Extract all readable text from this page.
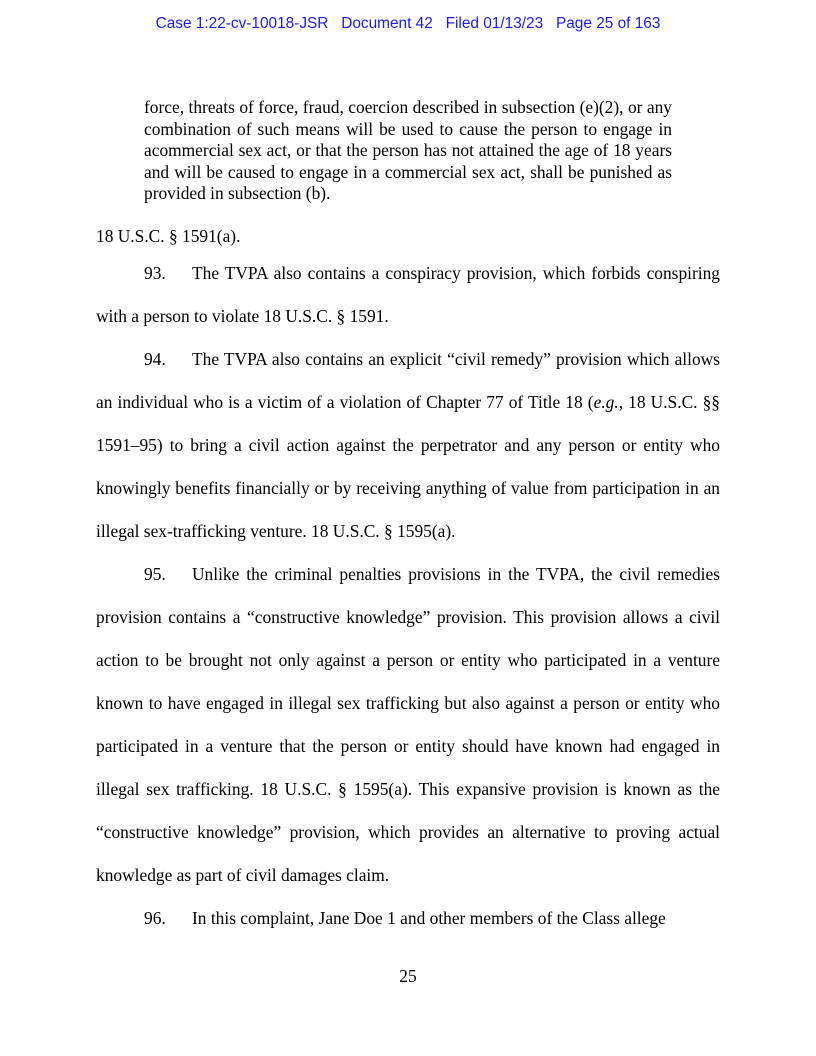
Case 1:22-cv-10018-JSR Document 42 Filed 01/13/23 Page 25 of 163
force, threats of force, fraud, coercion described in subsection (e)(2), or any combination of such means will be used to cause the person to engage in acommercial sex act, or that the person has not attained the age of 18 years and will be caused to engage in a commercial sex act, shall be punished as provided in subsection (b).
18 U.S.C. § 1591(a).
93. The TVPA also contains a conspiracy provision, which forbids conspiring with a person to violate 18 U.S.C. § 1591.
94. The TVPA also contains an explicit “civil remedy” provision which allows an individual who is a victim of a violation of Chapter 77 of Title 18 (e.g., 18 U.S.C. §§ 1591–95) to bring a civil action against the perpetrator and any person or entity who knowingly benefits financially or by receiving anything of value from participation in an illegal sex-trafficking venture. 18 U.S.C. § 1595(a).
95. Unlike the criminal penalties provisions in the TVPA, the civil remedies provision contains a “constructive knowledge” provision. This provision allows a civil action to be brought not only against a person or entity who participated in a venture known to have engaged in illegal sex trafficking but also against a person or entity who participated in a venture that the person or entity should have known had engaged in illegal sex trafficking. 18 U.S.C. § 1595(a). This expansive provision is known as the “constructive knowledge” provision, which provides an alternative to proving actual knowledge as part of civil damages claim.
96. In this complaint, Jane Doe 1 and other members of the Class allege
25
